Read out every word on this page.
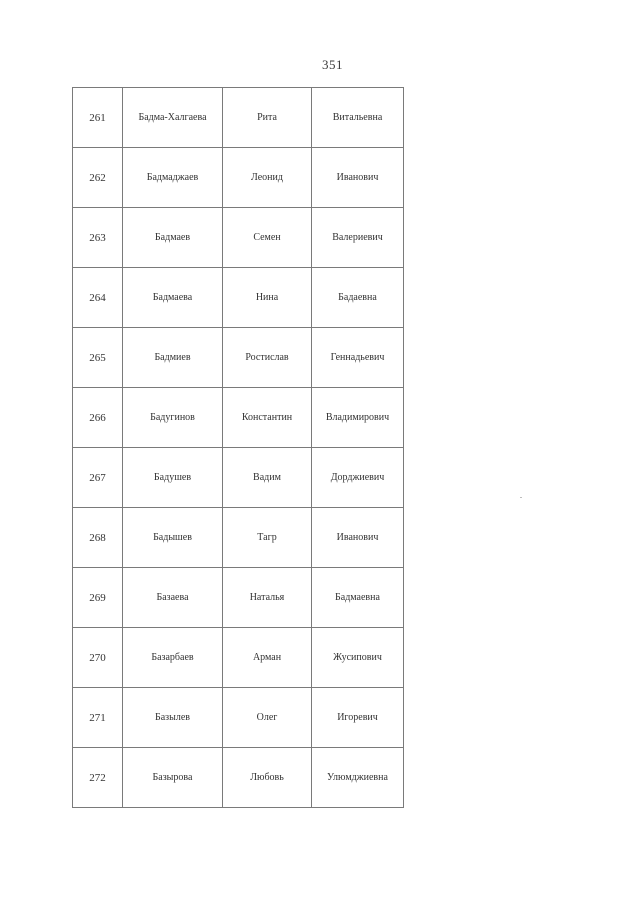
351
261	Бадма-Халгаева	Рита	Витальевна
262	Бадмаджаев	Леонид	Иванович
263	Бадмаев	Семен	Валериевич
264	Бадмаева	Нина	Бадаевна
265	Бадмиев	Ростислав	Геннадьевич
266	Бадугинов	Константин	Владимирович
267	Бадушев	Вадим	Дорджиевич
268	Бадышев	Тагр	Иванович
269	Базаева	Наталья	Бадмаевна
270	Базарбаев	Арман	Жусипович
271	Базылев	Олег	Игоревич
272	Базырова	Любовь	Улюмджиевна
